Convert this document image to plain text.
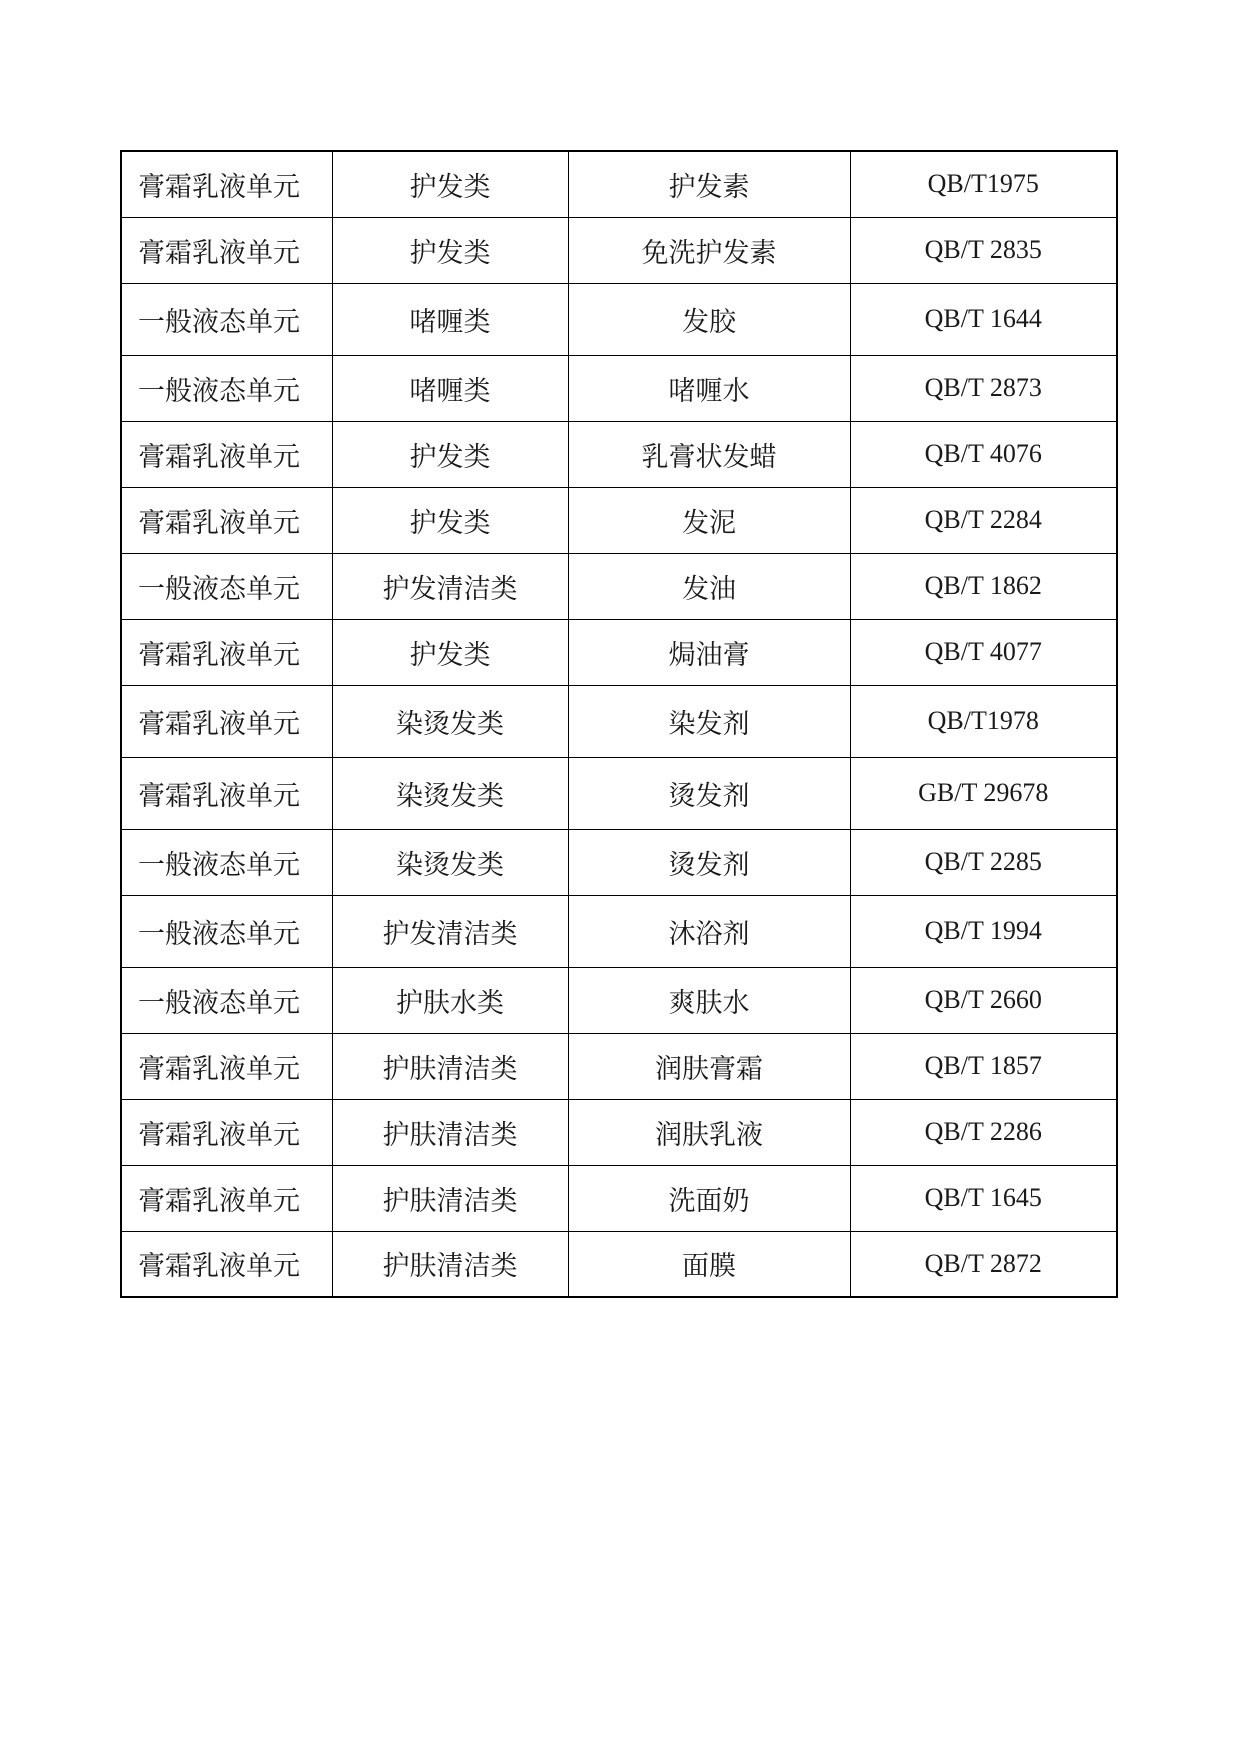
膏霜乳液单元	护发类	护发素	QB/T1975
膏霜乳液单元	护发类	免洗护发素	QB/T 2835
一般液态单元	啫喱类	发胶	QB/T 1644
一般液态单元	啫喱类	啫喱水	QB/T 2873
膏霜乳液单元	护发类	乳膏状发蜡	QB/T 4076
膏霜乳液单元	护发类	发泥	QB/T 2284
一般液态单元	护发清洁类	发油	QB/T 1862
膏霜乳液单元	护发类	焗油膏	QB/T 4077
膏霜乳液单元	染烫发类	染发剂	QB/T1978
膏霜乳液单元	染烫发类	烫发剂	GB/T 29678
一般液态单元	染烫发类	烫发剂	QB/T 2285
一般液态单元	护发清洁类	沐浴剂	QB/T 1994
一般液态单元	护肤水类	爽肤水	QB/T 2660
膏霜乳液单元	护肤清洁类	润肤膏霜	QB/T 1857
膏霜乳液单元	护肤清洁类	润肤乳液	QB/T 2286
膏霜乳液单元	护肤清洁类	洗面奶	QB/T 1645
膏霜乳液单元	护肤清洁类	面膜	QB/T 2872
